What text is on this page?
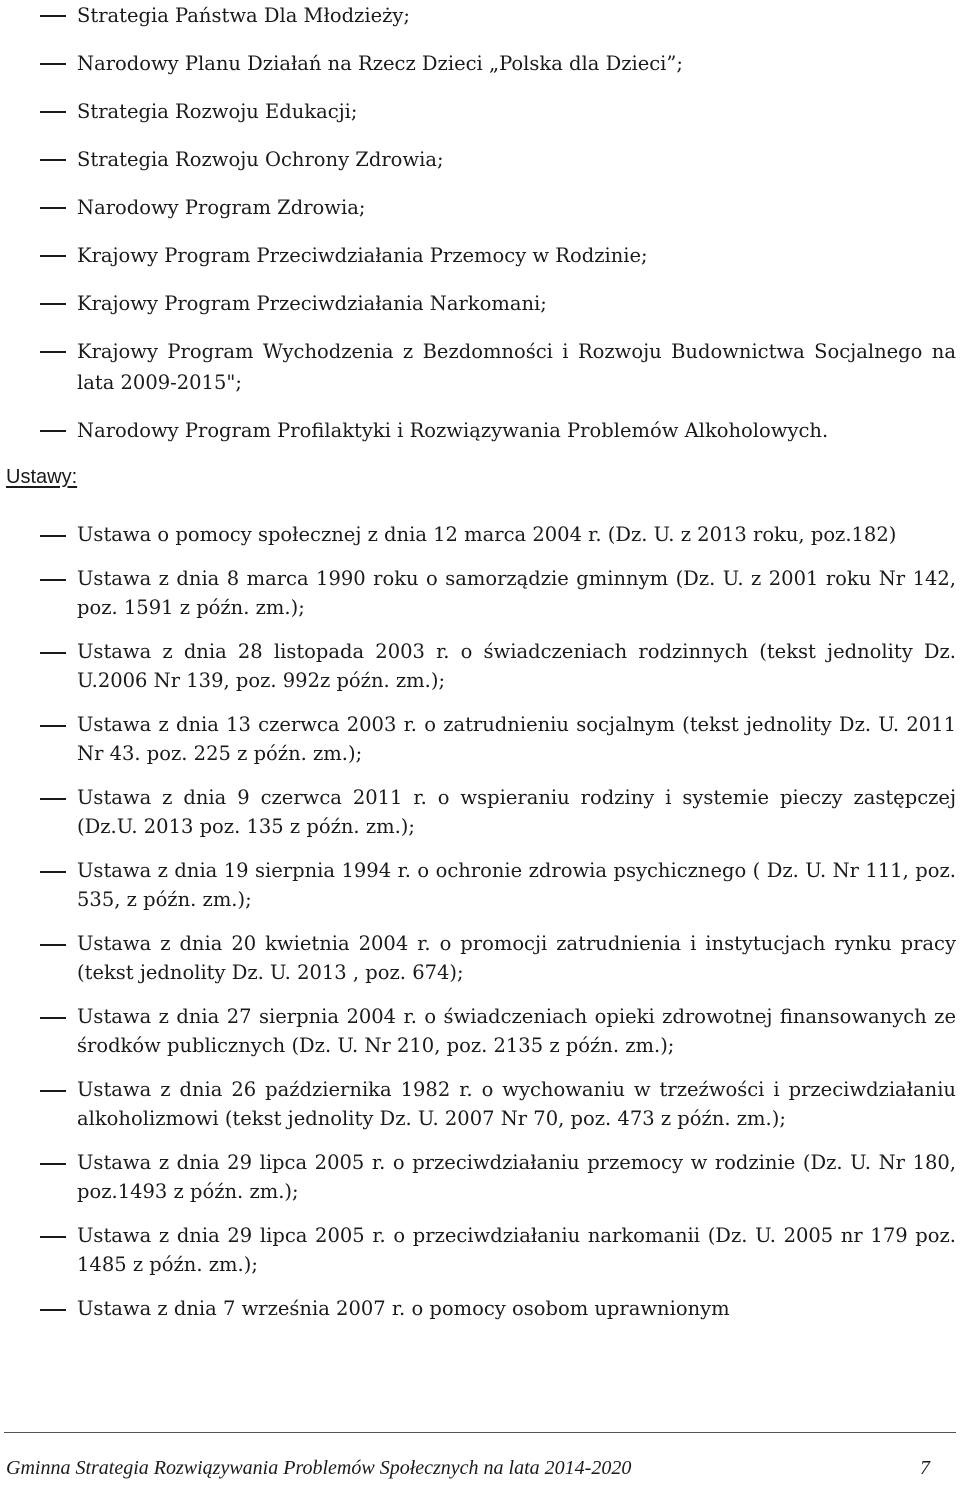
Strategia Państwa Dla Młodzieży;
Narodowy Planu Działań na Rzecz Dzieci „Polska dla Dzieci”;
Strategia Rozwoju Edukacji;
Strategia Rozwoju Ochrony Zdrowia;
Narodowy Program Zdrowia;
Krajowy Program Przeciwdziałania Przemocy w Rodzinie;
Krajowy Program Przeciwdziałania Narkomani;
Krajowy Program Wychodzenia z Bezdomności i Rozwoju Budownictwa Socjalnego na lata 2009-2015";
Narodowy Program Profilaktyki i Rozwiązywania Problemów Alkoholowych.
Ustawy:
Ustawa o pomocy społecznej z dnia 12 marca 2004 r. (Dz. U. z 2013 roku, poz.182)
Ustawa z dnia 8 marca 1990 roku o samorządzie gminnym (Dz. U. z 2001 roku Nr 142, poz. 1591 z późn. zm.);
Ustawa z dnia 28 listopada 2003 r. o świadczeniach rodzinnych (tekst jednolity Dz. U.2006 Nr 139, poz. 992z późn. zm.);
Ustawa z dnia 13 czerwca 2003 r. o zatrudnieniu socjalnym (tekst jednolity Dz. U. 2011 Nr 43. poz. 225 z późn. zm.);
Ustawa z dnia 9 czerwca 2011 r. o wspieraniu rodziny i systemie pieczy zastępczej (Dz.U. 2013 poz. 135 z późn. zm.);
Ustawa z dnia 19 sierpnia 1994 r. o ochronie zdrowia psychicznego ( Dz. U. Nr 111, poz. 535, z późn. zm.);
Ustawa z dnia 20 kwietnia 2004 r. o promocji zatrudnienia i instytucjach rynku pracy (tekst jednolity Dz. U. 2013 , poz. 674);
Ustawa z dnia 27 sierpnia 2004 r. o świadczeniach opieki zdrowotnej finansowanych ze środków publicznych (Dz. U. Nr 210, poz. 2135 z późn. zm.);
Ustawa z dnia 26 października 1982 r. o wychowaniu w trzeźwości i przeciwdziałaniu alkoholizmowi (tekst jednolity Dz. U. 2007 Nr 70, poz. 473 z późn. zm.);
Ustawa z dnia 29 lipca 2005 r. o przeciwdziałaniu przemocy w rodzinie (Dz. U. Nr 180, poz.1493 z późn. zm.);
Ustawa z dnia 29 lipca 2005 r. o przeciwdziałaniu narkomanii (Dz. U. 2005 nr 179 poz. 1485 z późn. zm.);
Ustawa z dnia 7 września 2007 r. o pomocy osobom uprawnionym
Gminna Strategia Rozwiązywania Problemów Społecznych na lata 2014-2020	7
